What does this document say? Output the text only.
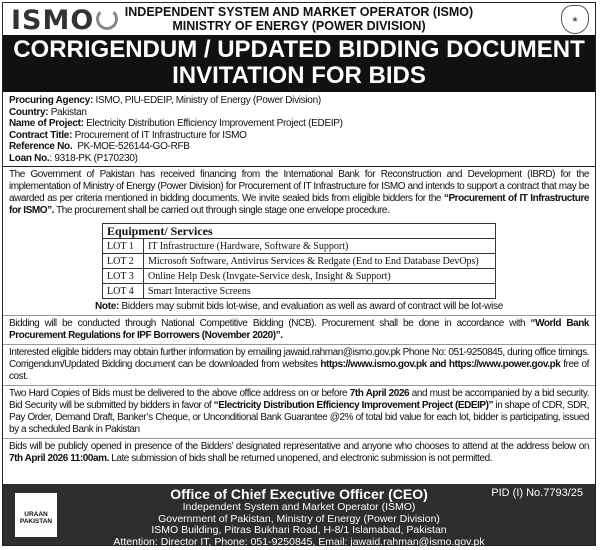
ISMO	INDEPENDENT SYSTEM AND MARKET OPERATOR (ISMO)
MINISTRY OF ENERGY (POWER DIVISION)	★
CORRIGENDUM / UPDATED BIDDING DOCUMENT
INVITATION FOR BIDS
Procuring Agency: ISMO, PIU-EDEIP, Ministry of Energy (Power Division)
Country: Pakistan
Name of Project: Electricity Distribution Efficiency Improvement Project (EDEIP)
Contract Title: Procurement of IT Infrastructure for ISMO
Reference No.  PK-MOE-526144-GO-RFB
Loan No.: 9318-PK (P170230)
The Government of Pakistan has received financing from the International Bank for Reconstruction and Development (IBRD) for the implementation of Ministry of Energy (Power Division) for Procurement of IT Infrastructure for ISMO and intends to support a contract that may be awarded as per criteria mentioned in bidding documents. We invite sealed bids from eligible bidders for the “Procurement of IT Infrastructure for ISMO”. The procurement shall be carried out through single stage one envelope procedure.
Equipment/ Services	
LOT 1	IT Infrastructure (Hardware, Software & Support)
LOT 2	Microsoft Software, Antivirus Services & Redgate (End to End Database DevOps)
LOT 3	Online Help Desk (Invgate-Service desk, Insight & Support)
LOT 4	Smart Interactive Screens
Note: Bidders may submit bids lot-wise, and evaluation as well as award of contract will be lot-wise
Bidding will be conducted through National Competitive Bidding (NCB). Procurement shall be done in accordance with “World Bank Procurement Regulations for IPF Borrowers (November 2020)”.
Interested eligible bidders may obtain further information by emailing jawaid.rahman@ismo.gov.pk Phone No: 051-9250845, during office timings. Corrigendum/Updated Bidding document can be downloaded from websites https://www.ismo.gov.pk and https://www.power.gov.pk free of cost.
Two Hard Copies of Bids must be delivered to the above office address on or before 7th April 2026 and must be accompanied by a bid security. Bid Security will be submitted by bidders in favor of “Electricity Distribution Efficiency Improvement Project (EDEIP)” in shape of CDR, SDR, Pay Order, Demand Draft, Banker’s Cheque, or Unconditional Bank Guarantee @2% of total bid value for each lot, bidder is participating, issued by a scheduled Bank in Pakistan
Bids will be publicly opened in presence of the Bidders’ designated representative and anyone who chooses to attend at the address below on 7th April 2026 11:00am. Late submission of bids shall be returned unopened, and electronic submission is not permitted.
URAAN
PAKISTAN
PID (I) No.7793/25
Office of Chief Executive Officer (CEO)
Independent System and Market Operator (ISMO)
Government of Pakistan, Ministry of Energy (Power Division)
ISMO Building, Pitras Bukhari Road, H-8/1 Islamabad, Pakistan
Attention: Director IT, Phone: 051-9250845, Email: jawaid.rahman@ismo.gov.pk
